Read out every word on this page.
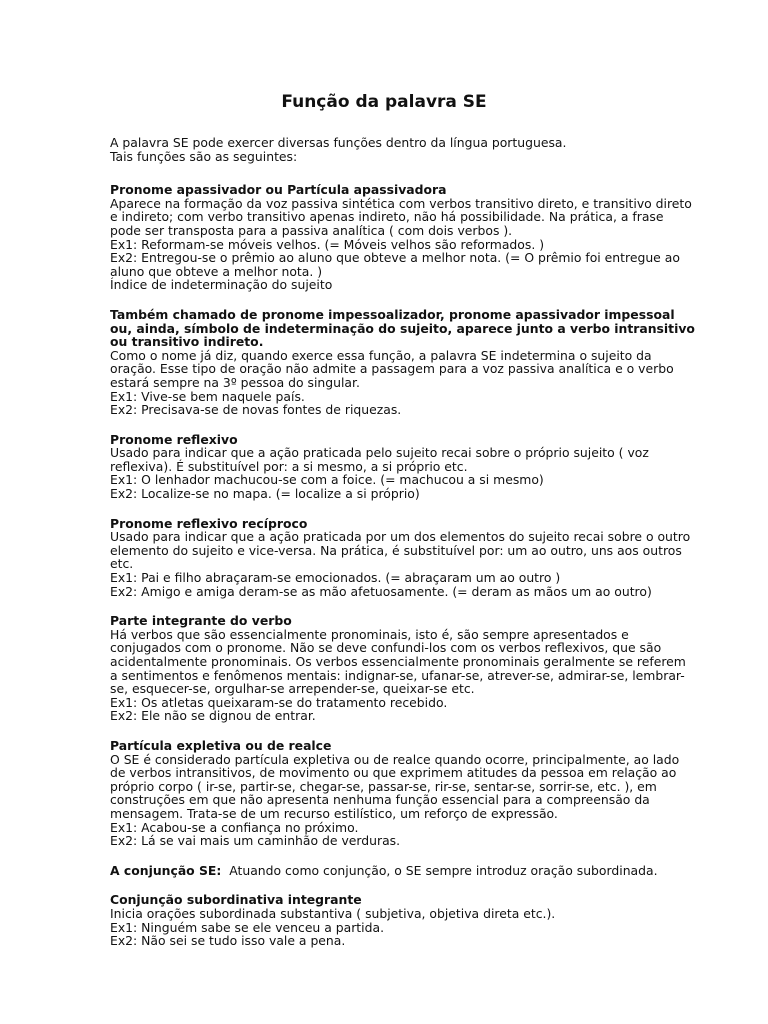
Função da palavra SE

A palavra SE pode exercer diversas funções dentro da língua portuguesa.

Tais funções são as seguintes:

Pronome apassivador ou Partícula apassivadora

Aparece na formação da voz passiva sintética com verbos transitivo direto, e transitivo direto

e indireto; com verbo transitivo apenas indireto, não há possibilidade. Na prática, a frase

pode ser transposta para a passiva analítica ( com dois verbos ).

Ex1: Reformam-se móveis velhos. (= Móveis velhos são reformados. )

Ex2: Entregou-se o prêmio ao aluno que obteve a melhor nota. (= O prêmio foi entregue ao

aluno que obteve a melhor nota. )

Índice de indeterminação do sujeito

Também chamado de pronome impessoalizador, pronome apassivador impessoal

ou, ainda, símbolo de indeterminação do sujeito, aparece junto a verbo intransitivo

ou transitivo indireto.

Como o nome já diz, quando exerce essa função, a palavra SE indetermina o sujeito da

oração. Esse tipo de oração não admite a passagem para a voz passiva analítica e o verbo

estará sempre na 3º pessoa do singular.

Ex1: Vive-se bem naquele país.

Ex2: Precisava-se de novas fontes de riquezas.

Pronome reflexivo

Usado para indicar que a ação praticada pelo sujeito recai sobre o próprio sujeito ( voz

reflexiva). É substituível por: a si mesmo, a si próprio etc.

Ex1: O lenhador machucou-se com a foice. (= machucou a si mesmo)

Ex2: Localize-se no mapa. (= localize a si próprio)

Pronome reflexivo recíproco

Usado para indicar que a ação praticada por um dos elementos do sujeito recai sobre o outro

elemento do sujeito e vice-versa. Na prática, é substituível por: um ao outro, uns aos outros

etc.

Ex1: Pai e filho abraçaram-se emocionados. (= abraçaram um ao outro )

Ex2: Amigo e amiga deram-se as mão afetuosamente. (= deram as mãos um ao outro)

Parte integrante do verbo

Há verbos que são essencialmente pronominais, isto é, são sempre apresentados e

conjugados com o pronome. Não se deve confundi-los com os verbos reflexivos, que são

acidentalmente pronominais. Os verbos essencialmente pronominais geralmente se referem

a sentimentos e fenômenos mentais: indignar-se, ufanar-se, atrever-se, admirar-se, lembrar-

se, esquecer-se, orgulhar-se arrepender-se, queixar-se etc.

Ex1: Os atletas queixaram-se do tratamento recebido.

Ex2: Ele não se dignou de entrar.

Partícula expletiva ou de realce

O SE é considerado partícula expletiva ou de realce quando ocorre, principalmente, ao lado

de verbos intransitivos, de movimento ou que exprimem atitudes da pessoa em relação ao

próprio corpo ( ir-se, partir-se, chegar-se, passar-se, rir-se, sentar-se, sorrir-se, etc. ), em

construções em que não apresenta nenhuma função essencial para a compreensão da

mensagem. Trata-se de um recurso estilístico, um reforço de expressão.

Ex1: Acabou-se a confiança no próximo.

Ex2: Lá se vai mais um caminhão de verduras.

A conjunção SE: Atuando como conjunção, o SE sempre introduz oração subordinada.

Conjunção subordinativa integrante

Inicia orações subordinada substantiva ( subjetiva, objetiva direta etc.).

Ex1: Ninguém sabe se ele venceu a partida.

Ex2: Não sei se tudo isso vale a pena.
